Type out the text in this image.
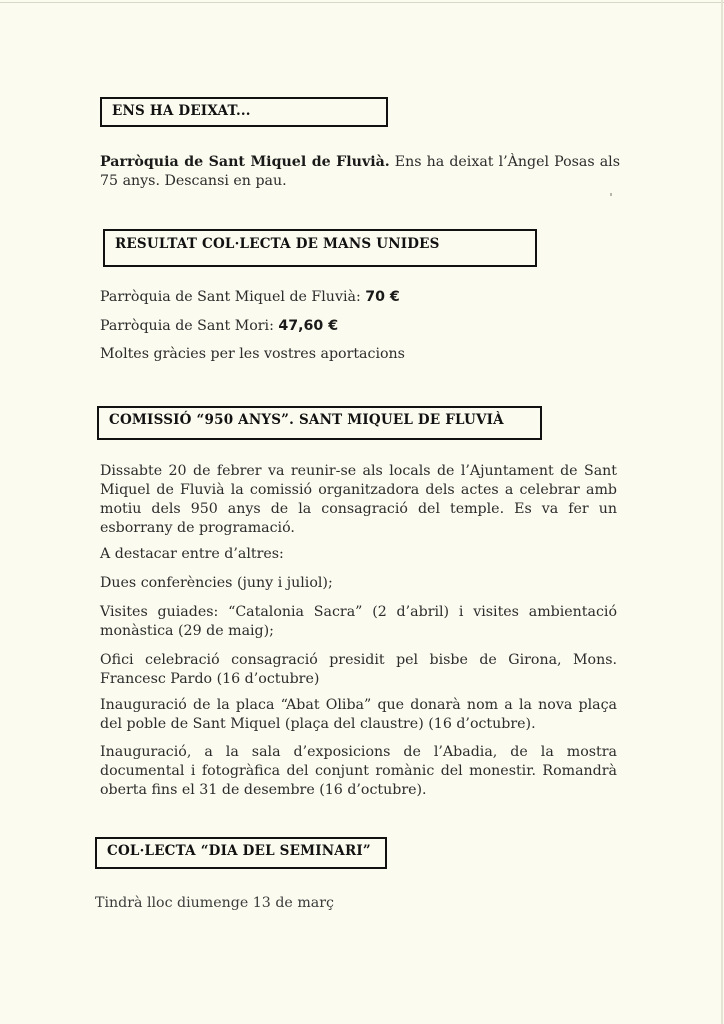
ENS HA DEIXAT...

Parròquia de Sant Miquel de Fluvià. Ens ha deixat l’Àngel Posas als 75 anys. Descansi en pau.

RESULTAT COL·LECTA DE MANS UNIDES

Parròquia de Sant Miquel de Fluvià: 70 €

Parròquia de Sant Mori: 47,60 €

Moltes gràcies per les vostres aportacions

COMISSIÓ “950 ANYS”. SANT MIQUEL DE FLUVIÀ

Dissabte 20 de febrer va reunir-se als locals de l’Ajuntament de Sant Miquel de Fluvià la comissió organitzadora dels actes a celebrar amb motiu dels 950 anys de la consagració del temple. Es va fer un esborrany de programació.

A destacar entre d’altres:

Dues conferències (juny i juliol);

Visites guiades: “Catalonia Sacra” (2 d’abril) i visites ambientació monàstica (29 de maig);

Ofici celebració consagració presidit pel bisbe de Girona, Mons. Francesc Pardo (16 d’octubre)

Inauguració de la placa “Abat Oliba” que donarà nom a la nova plaça del poble de Sant Miquel (plaça del claustre) (16 d’octubre).

Inauguració, a la sala d’exposicions de l’Abadia, de la mostra documental i fotogràfica del conjunt romànic del monestir. Romandrà oberta fins el 31 de desembre (16 d’octubre).

COL·LECTA “DIA DEL SEMINARI”

Tindrà lloc diumenge 13 de març
